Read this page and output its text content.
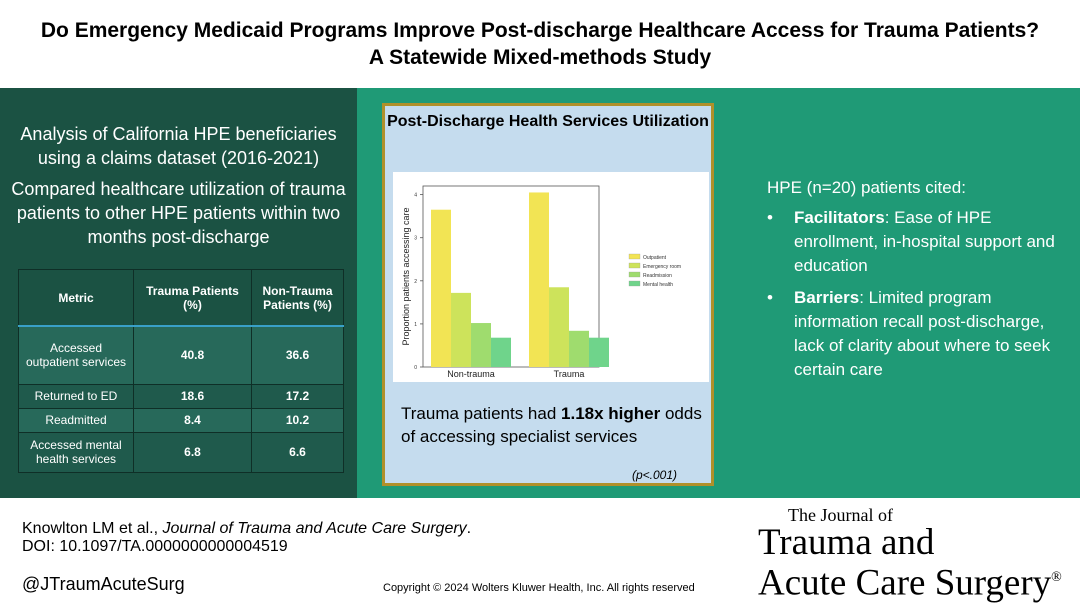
Do Emergency Medicaid Programs Improve Post-discharge Healthcare Access for Trauma Patients? A Statewide Mixed-methods Study

Analysis of California HPE beneficiaries using a claims dataset (2016-2021)

Compared healthcare utilization of trauma patients to other HPE patients within two months post-discharge

Metric	Trauma Patients (%)	Non-Trauma Patients (%)
Accessed outpatient services	40.8	36.6
Returned to ED	18.6	17.2
Readmitted	8.4	10.2
Accessed mental health services	6.8	6.6
Post-Discharge Health Services Utilization
0
1
2
3
4
Proportion patients accessing care
Non-trauma	Trauma
Outpatient
Emergency room
Readmission
Mental health
Trauma patients had 1.18x higher odds of accessing specialist services
(p<.001)
HPE (n=20) patients cited:
• Facilitators: Ease of HPE enrollment, in-hospital support and education
• Barriers: Limited program information recall post-discharge, lack of clarity about where to seek certain care
Knowlton LM et al., Journal of Trauma and Acute Care Surgery.
DOI: 10.1097/TA.0000000000004519
@JTraumAcuteSurg	Copyright © 2024 Wolters Kluwer Health, Inc. All rights reserved
The Journal of
Trauma and
Acute Care Surgery®
